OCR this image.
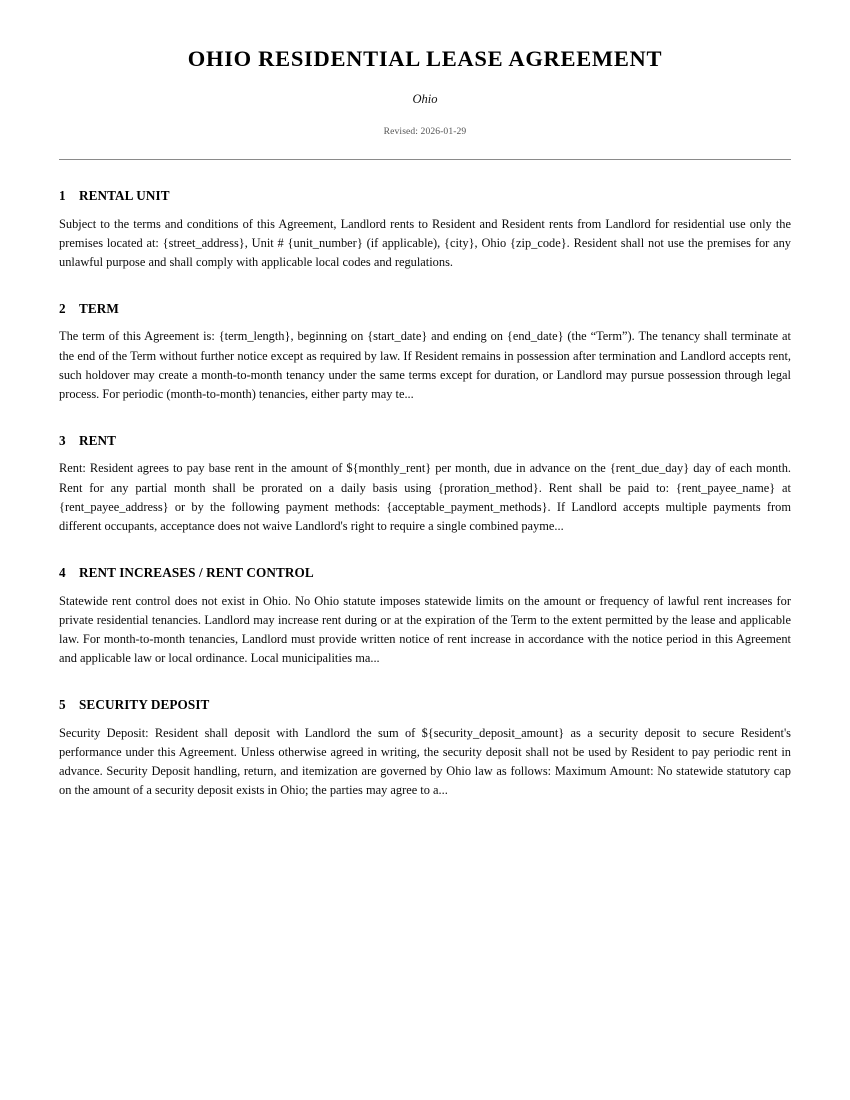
OHIO RESIDENTIAL LEASE AGREEMENT

Ohio

Revised: 2026-01-29

1 RENTAL UNIT

Subject to the terms and conditions of this Agreement, Landlord rents to Resident and Resident rents from Landlord for residential use only the premises located at: {street_address}, Unit # {unit_number} (if applicable), {city}, Ohio {zip_code}. Resident shall not use the premises for any unlawful purpose and shall comply with applicable local codes and regulations.

2 TERM

The term of this Agreement is: {term_length}, beginning on {start_date} and ending on {end_date} (the “Term”). The tenancy shall terminate at the end of the Term without further notice except as required by law. If Resident remains in possession after termination and Landlord accepts rent, such holdover may create a month-to-month tenancy under the same terms except for duration, or Landlord may pursue possession through legal process. For periodic (month-to-month) tenancies, either party may te...

3 RENT

Rent: Resident agrees to pay base rent in the amount of ${monthly_rent} per month, due in advance on the {rent_due_day} day of each month. Rent for any partial month shall be prorated on a daily basis using {proration_method}. Rent shall be paid to: {rent_payee_name} at {rent_payee_address} or by the following payment methods: {acceptable_payment_methods}. If Landlord accepts multiple payments from different occupants, acceptance does not waive Landlord's right to require a single combined payme...

4 RENT INCREASES / RENT CONTROL

Statewide rent control does not exist in Ohio. No Ohio statute imposes statewide limits on the amount or frequency of lawful rent increases for private residential tenancies. Landlord may increase rent during or at the expiration of the Term to the extent permitted by the lease and applicable law. For month-to-month tenancies, Landlord must provide written notice of rent increase in accordance with the notice period in this Agreement and applicable law or local ordinance. Local municipalities ma...

5 SECURITY DEPOSIT

Security Deposit: Resident shall deposit with Landlord the sum of ${security_deposit_amount} as a security deposit to secure Resident's performance under this Agreement. Unless otherwise agreed in writing, the security deposit shall not be used by Resident to pay periodic rent in advance. Security Deposit handling, return, and itemization are governed by Ohio law as follows: Maximum Amount: No statewide statutory cap on the amount of a security deposit exists in Ohio; the parties may agree to a...
